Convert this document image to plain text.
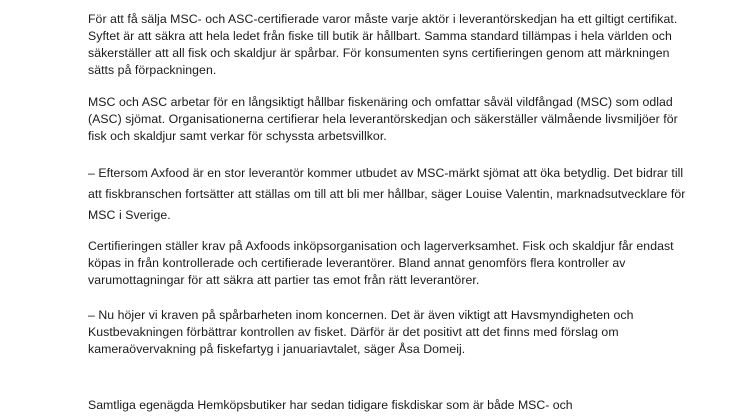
För att få sälja MSC- och ASC-certifierade varor måste varje aktör i leverantörskedjan ha ett giltigt certifikat. Syftet är att säkra att hela ledet från fiske till butik är hållbart. Samma standard tillämpas i hela världen och säkerställer att all fisk och skaldjur är spårbar. För konsumenten syns certifieringen genom att märkningen sätts på förpackningen.

MSC och ASC arbetar för en långsiktigt hållbar fiskenäring och omfattar såväl vildfångad (MSC) som odlad (ASC) sjömat. Organisationerna certifierar hela leverantörskedjan och säkerställer välmående livsmiljöer för fisk och skaldjur samt verkar för schyssta arbetsvillkor.

– Eftersom Axfood är en stor leverantör kommer utbudet av MSC-märkt sjömat att öka betydlig. Det bidrar till att fiskbranschen fortsätter att ställas om till att bli mer hållbar, säger Louise Valentin, marknadsutvecklare för MSC i Sverige.

Certifieringen ställer krav på Axfoods inköpsorganisation och lagerverksamhet. Fisk och skaldjur får endast köpas in från kontrollerade och certifierade leverantörer. Bland annat genomförs flera kontroller av varumottagningar för att säkra att partier tas emot från rätt leverantörer.

– Nu höjer vi kraven på spårbarheten inom koncernen. Det är även viktigt att Havsmyndigheten och Kustbevakningen förbättrar kontrollen av fisket. Därför är det positivt att det finns med förslag om kameraövervakning på fiskefartyg i januariavtalet, säger Åsa Domeij.

Samtliga egenägda Hemköpsbutiker har sedan tidigare fiskdiskar som är både MSC- och
